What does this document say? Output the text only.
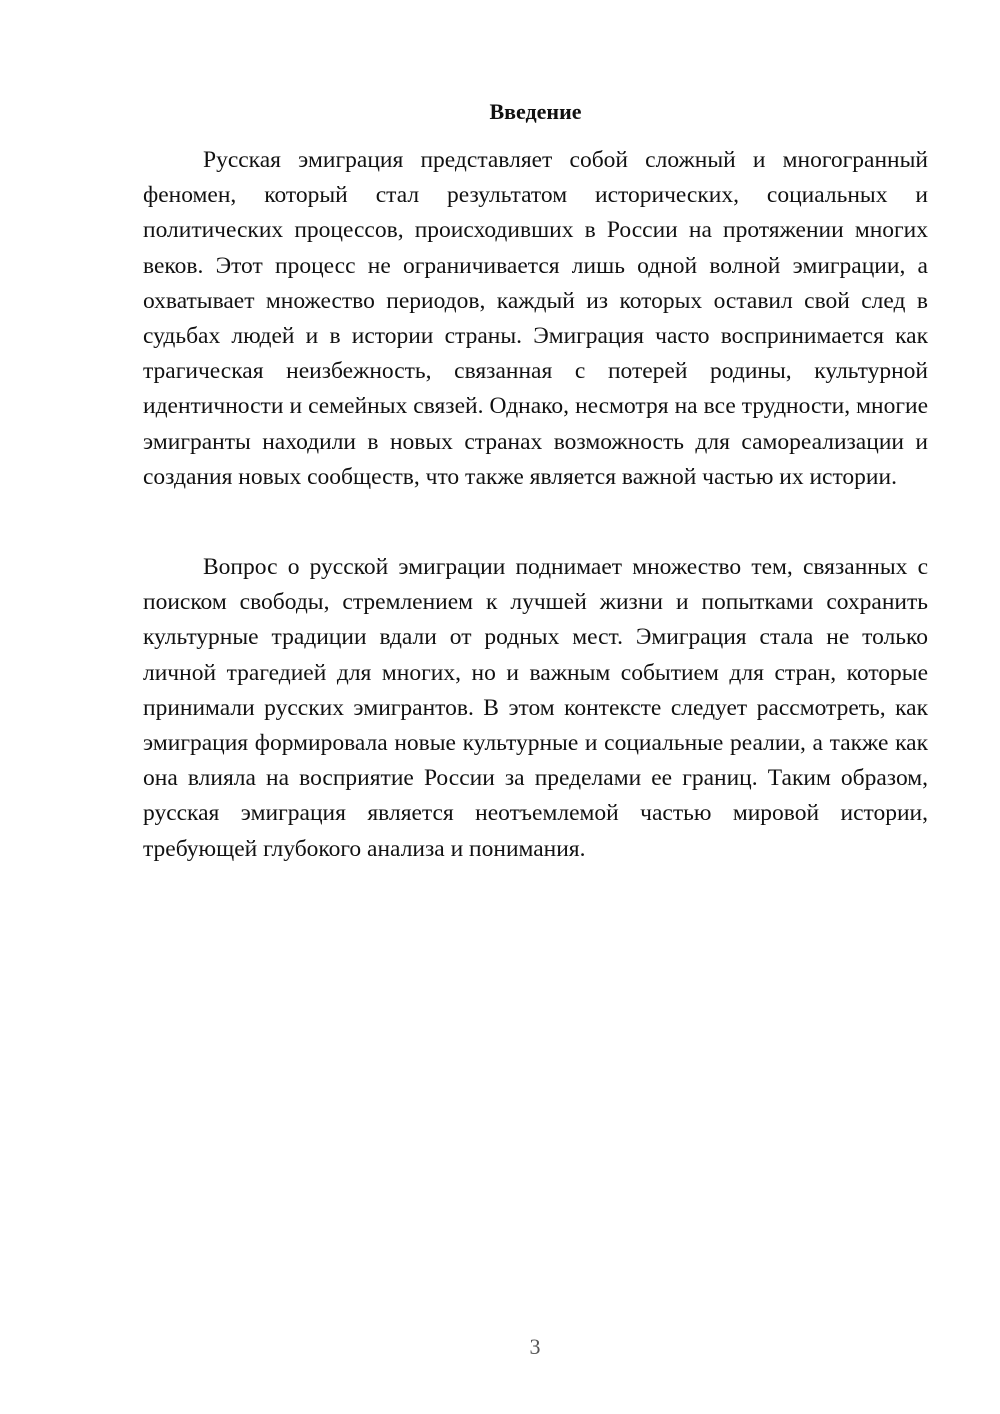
Введение

Русская эмиграция представляет собой сложный и многогранный феномен, который стал результатом исторических, социальных и политических процессов, происходивших в России на протяжении многих веков. Этот процесс не ограничивается лишь одной волной эмиграции, а охватывает множество периодов, каждый из которых оставил свой след в судьбах людей и в истории страны. Эмиграция часто воспринимается как трагическая неизбежность, связанная с потерей родины, культурной идентичности и семейных связей. Однако, несмотря на все трудности, многие эмигранты находили в новых странах возможность для самореализации и создания новых сообществ, что также является важной частью их истории.

Вопрос о русской эмиграции поднимает множество тем, связанных с поиском свободы, стремлением к лучшей жизни и попытками сохранить культурные традиции вдали от родных мест. Эмиграция стала не только личной трагедией для многих, но и важным событием для стран, которые принимали русских эмигрантов. В этом контексте следует рассмотреть, как эмиграция формировала новые культурные и социальные реалии, а также как она влияла на восприятие России за пределами ее границ. Таким образом, русская эмиграция является неотъемлемой частью мировой истории, требующей глубокого анализа и понимания.

3
